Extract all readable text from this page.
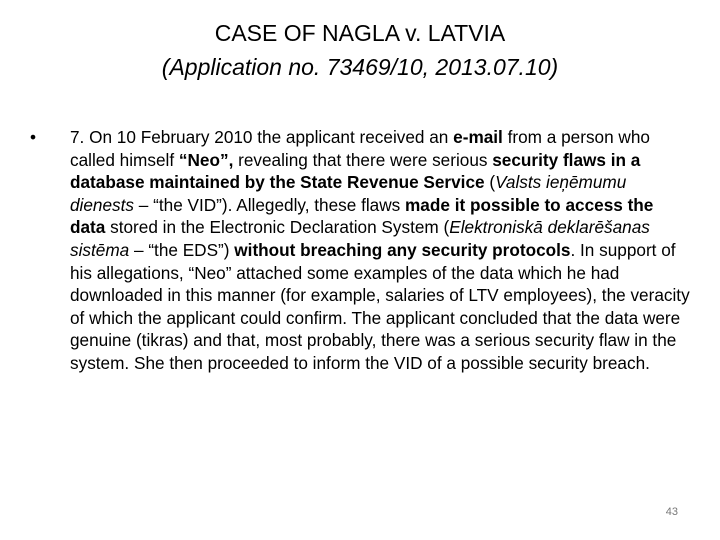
CASE OF NAGLA v. LATVIA
(Application no. 73469/10, 2013.07.10)
• 7. On 10 February 2010 the applicant received an e-mail from a person who called himself “Neo”, revealing that there were serious security flaws in a database maintained by the State Revenue Service (Valsts ieņēmumu dienests – “the VID”). Allegedly, these flaws made it possible to access the data stored in the Electronic Declaration System (Elektroniskā deklarēšanas sistēma – “the EDS”) without breaching any security protocols. In support of his allegations, “Neo” attached some examples of the data which he had downloaded in this manner (for example, salaries of LTV employees), the veracity of which the applicant could confirm. The applicant concluded that the data were genuine (tikras) and that, most probably, there was a serious security flaw in the system. She then proceeded to inform the VID of a possible security breach.
43
